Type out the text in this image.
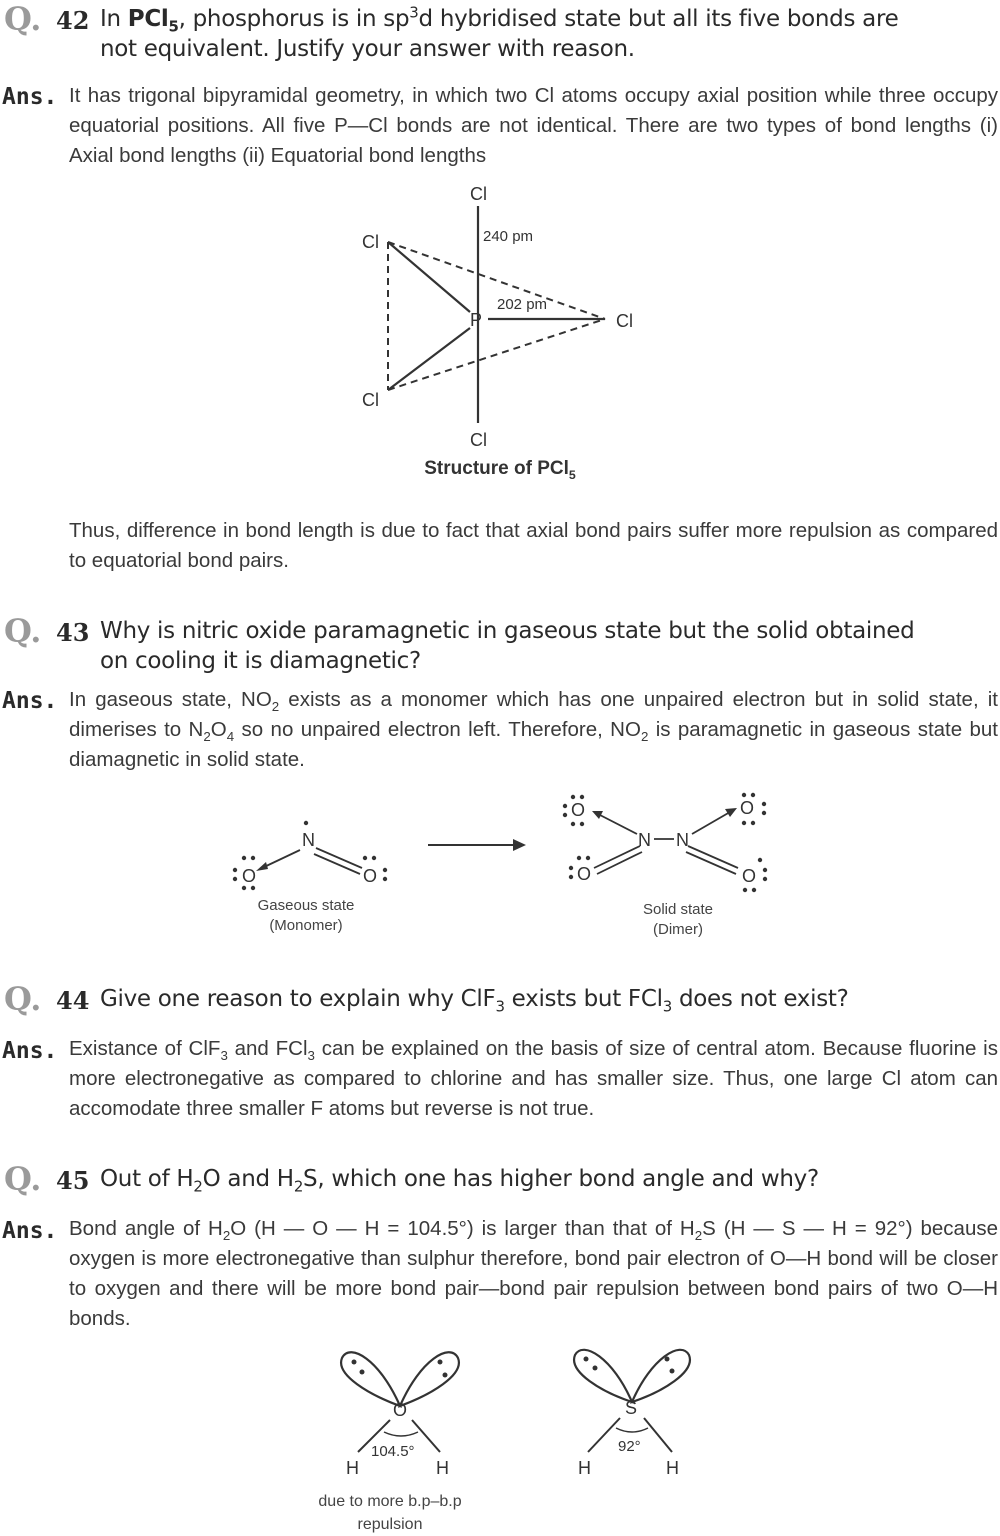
Q. 42 In PCl$_5$, phosphorus is in $sp^3d$ hybridised state but all its five bonds are
not equivalent. Justify your answer with reason.
Ans. It has trigonal bipyramidal geometry, in which two Cl atoms occupy axial position while three occupy equatorial positions. All five P—Cl bonds are not identical. There are two types of bond lengths (i) Axial bond lengths (ii) Equatorial bond lengths

Cl
Cl
P	Cl
Cl
Cl
240 pm
202 pm
Structure of PCl$_5$

Thus, difference in bond length is due to fact that axial bond pairs suffer more repulsion as compared to equatorial bond pairs.

Q. 43 Why is nitric oxide paramagnetic in gaseous state but the solid obtained
on cooling it is diamagnetic?
Ans. In gaseous state, $NO_2$ exists as a monomer which has one unpaired electron but in solid state, it dimerises to $N_2O_4$ so no unpaired electron left. Therefore, $NO_2$ is paramagnetic in gaseous state but diamagnetic in solid state.

N
O	O
N N
O	O
O	O
Gaseous state
(Monomer)
Solid state
(Dimer)
Q. 44 Give one reason to explain why ClF$_3$ exists but FCl$_3$ does not exist?
Ans. Existance of ClF$_3$ and FCl$_3$ can be explained on the basis of size of central atom. Because fluorine is more electronegative as compared to chlorine and has smaller size. Thus, one large Cl atom can accomodate three smaller F atoms but reverse is not true.

Q. 45 Out of $H_2O$ and $H_2S$, which one has higher bond angle and why?
Ans. Bond angle of $H_2O$ (H — O — H = 104.5°) is larger than that of $H_2S$ (H — S — H = 92°) because oxygen is more electronegative than sulphur therefore, bond pair electron of O—H bond will be closer to oxygen and there will be more bond pair—bond pair repulsion between bond pairs of two O—H bonds.

O
104.5°
H	H
S
92°
H	H
due to more b.p–b.p
repulsion
